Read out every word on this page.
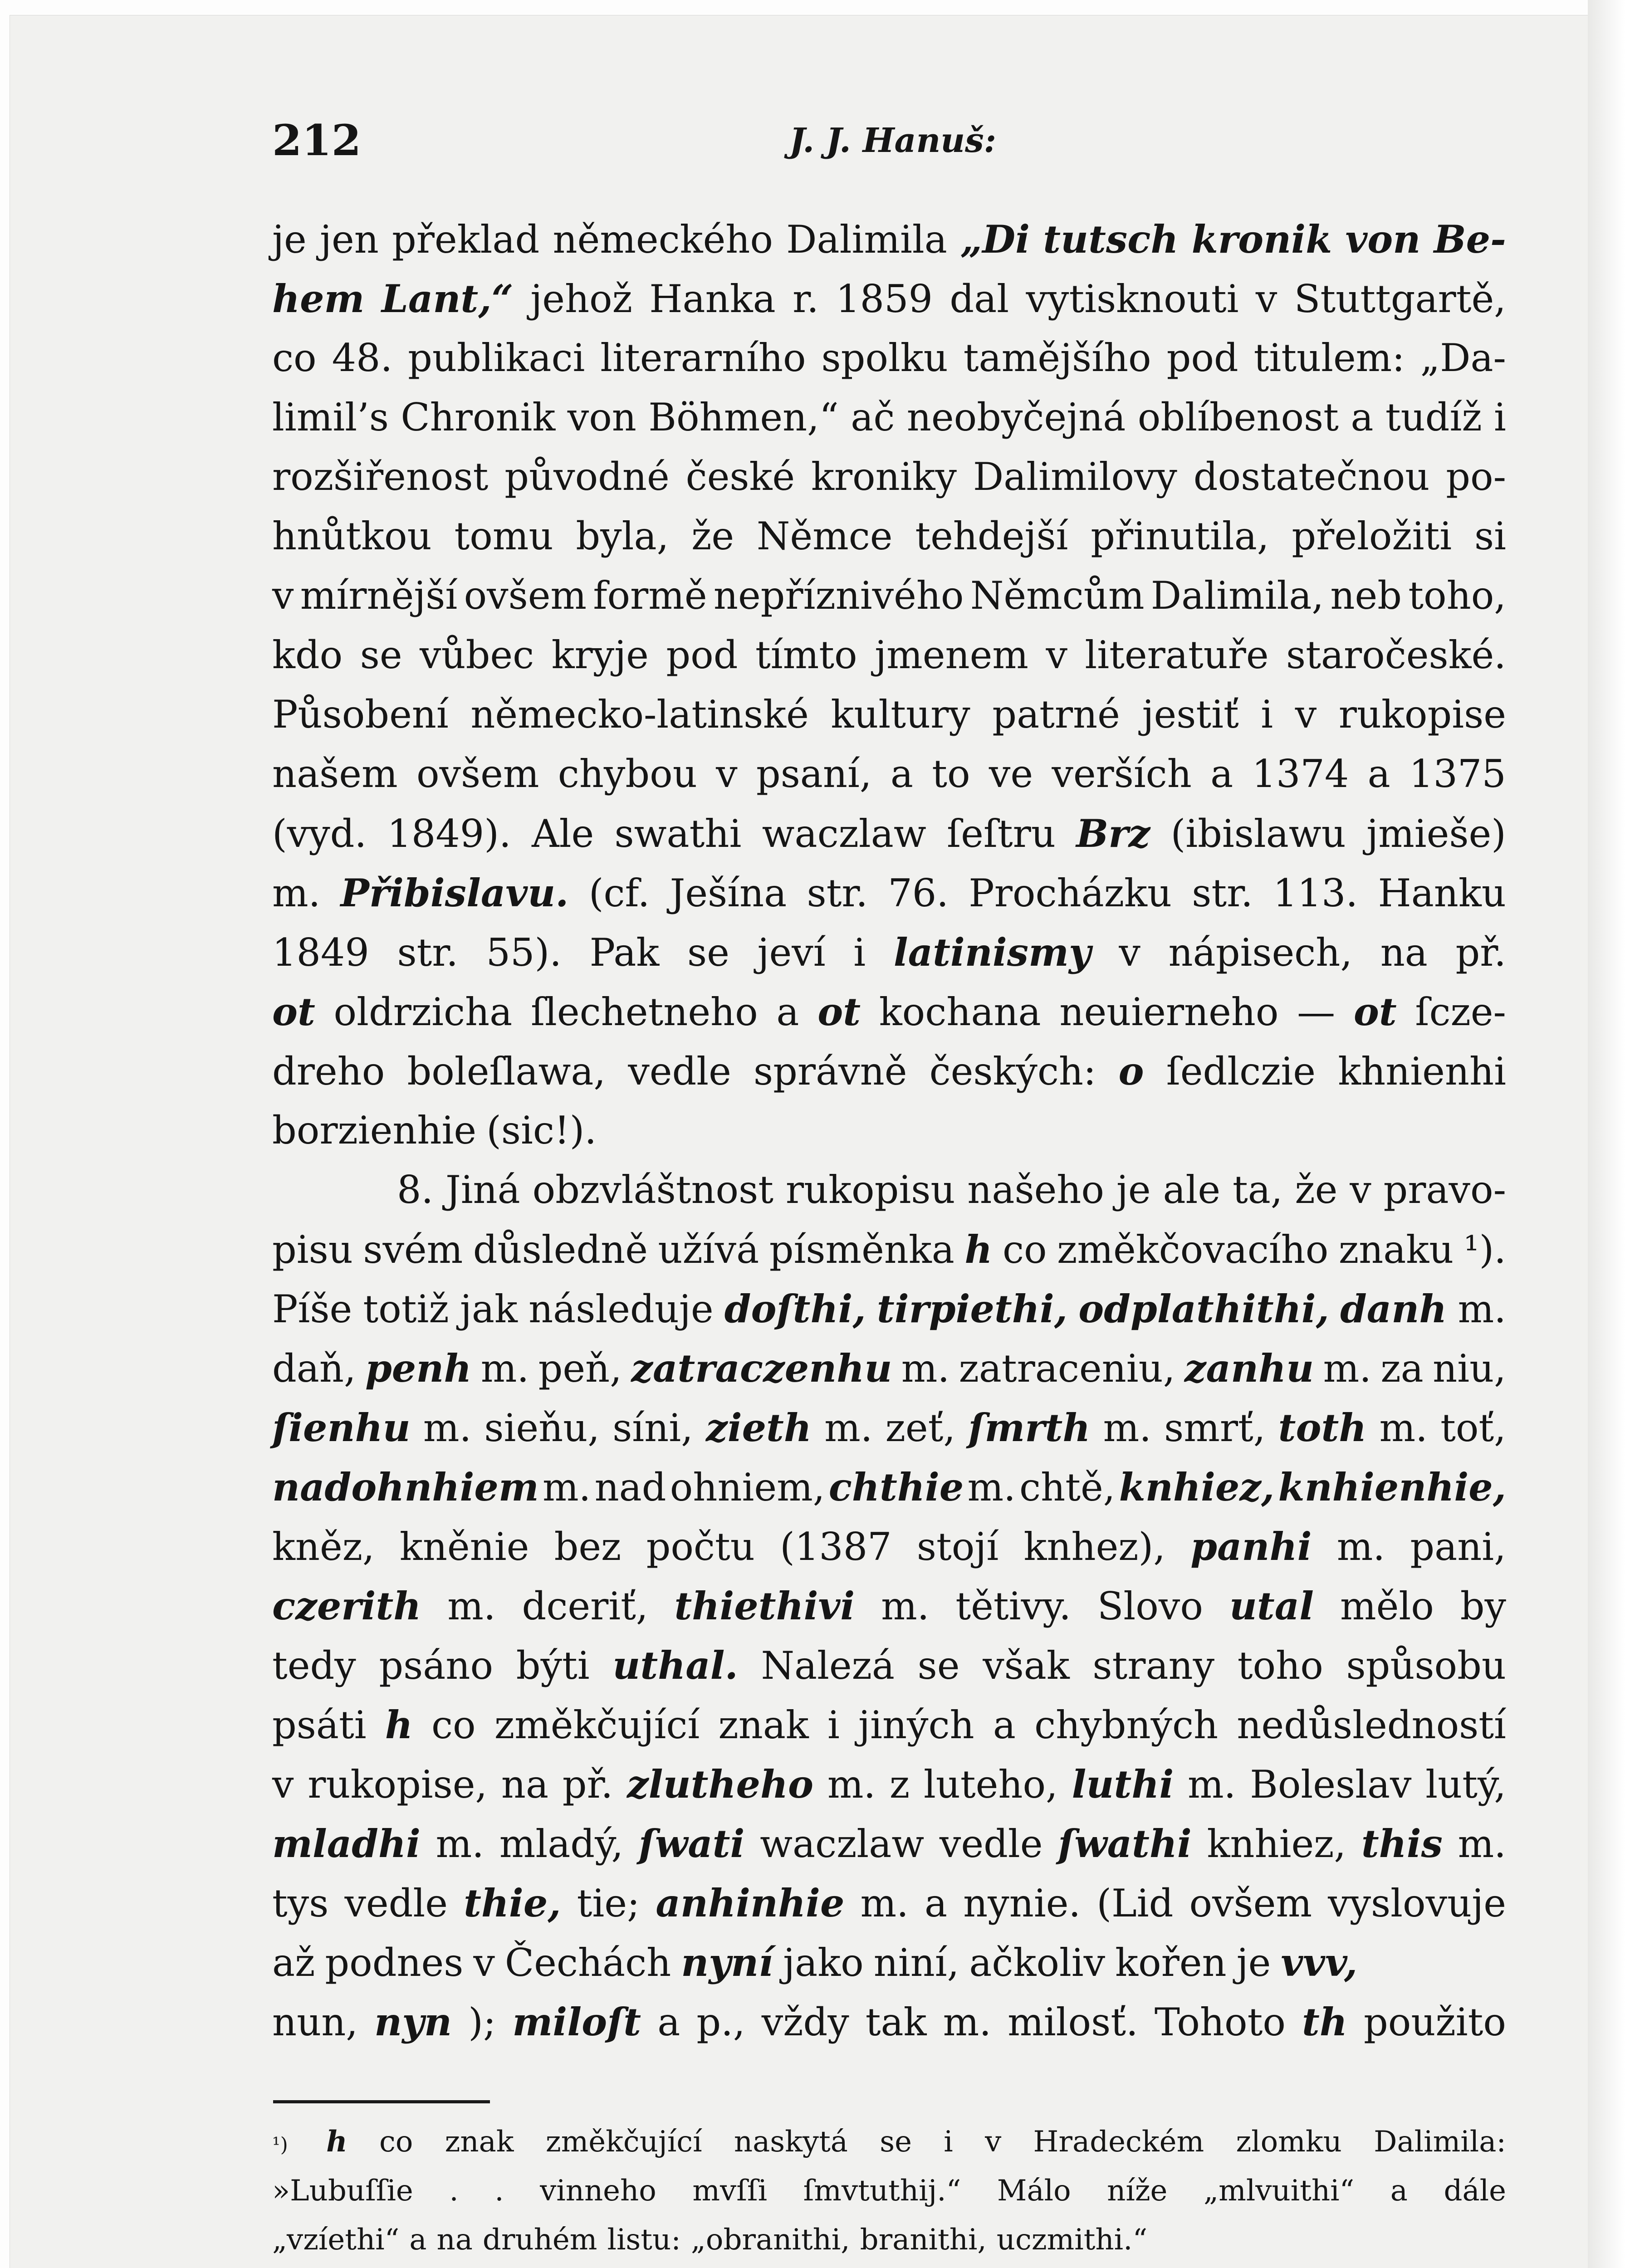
212	J. J. Hanuš:
je jen překlad německého Dalimila „Di tutsch kronik von Be-
hem Lant,“ jehož Hanka r. 1859 dal vytisknouti v Stuttgartě,
co 48. publikaci literarního spolku tamějšího pod titulem: „Da-
limil’s Chronik von Böhmen,“ ač neobyčejná oblíbenost a tudíž i
rozšiřenost původné české kroniky Dalimilovy dostatečnou po-
hnůtkou tomu byla, že Němce tehdejší přinutila, přeložiti si
v mírnější ovšem formě nepříznivého Němcům Dalimila, neb toho,
kdo se vůbec kryje pod tímto jmenem v literatuře staročeské.
Působení německo-latinské kultury patrné jestiť i v rukopise
našem ovšem chybou v psaní, a to ve verších a 1374 a 1375
(vyd. 1849). Ale swathi waczlaw ſeſtru Brz (ibislawu jmieše)
m. Přibislavu. (cf. Ješína str. 76. Procházku str. 113. Hanku
1849 str. 55). Pak se jeví i latinismy v nápisech, na př.
ot oldrzicha ſlechetneho a ot kochana neuierneho — ot ſcze-
dreho boleſlawa, vedle správně českých: o ſedlczie khnienhi
borzienhie (sic!).
8. Jiná obzvláštnost rukopisu našeho je ale ta, že v pravo-
pisu svém důsledně užívá písměnka h co změkčovacího znaku ¹).
Píše totiž jak následuje doſthi, tirpiethi, odplathithi, danh m.
daň, penh m. peň, zatraczenhu m. zatraceniu, zanhu m. za niu,
ſienhu m. sieňu, síni, zieth m. zeť, ſmrth m. smrť, toth m. toť,
nadohnhiem m. nad ohniem, chthie m. chtě, knhiez, knhienhie,
kněz, kněnie bez počtu (1387 stojí knhez), panhi m. pani,
czerith m. dceriť, thiethivi m. tětivy. Slovo utal mělo by
tedy psáno býti uthal. Nalezá se však strany toho spůsobu
psáti h co změkčující znak i jiných a chybných nedůsledností
v rukopise, na př. zlutheho m. z luteho, luthi m. Boleslav lutý,
mladhi m. mladý, ſwati waczlaw vedle ſwathi knhiez, this m.
tys vedle thie, tie; anhinhie m. a nynie. (Lid ovšem vyslovuje
až podnes v Čechách nyní jako niní, ačkoliv kořen je vvv,
nun, nyn ); miloſt a p., vždy tak m. milosť. Tohoto th použito
¹) h co znak změkčující naskytá se i v Hradeckém zlomku Dalimila:
»Lubuſſie . . vinneho mvſſi ſmvtuthij.“ Málo níže „mlvuithi“ a dále
„vzíethi“ a na druhém listu: „obranithi, branithi, uczmithi.“
